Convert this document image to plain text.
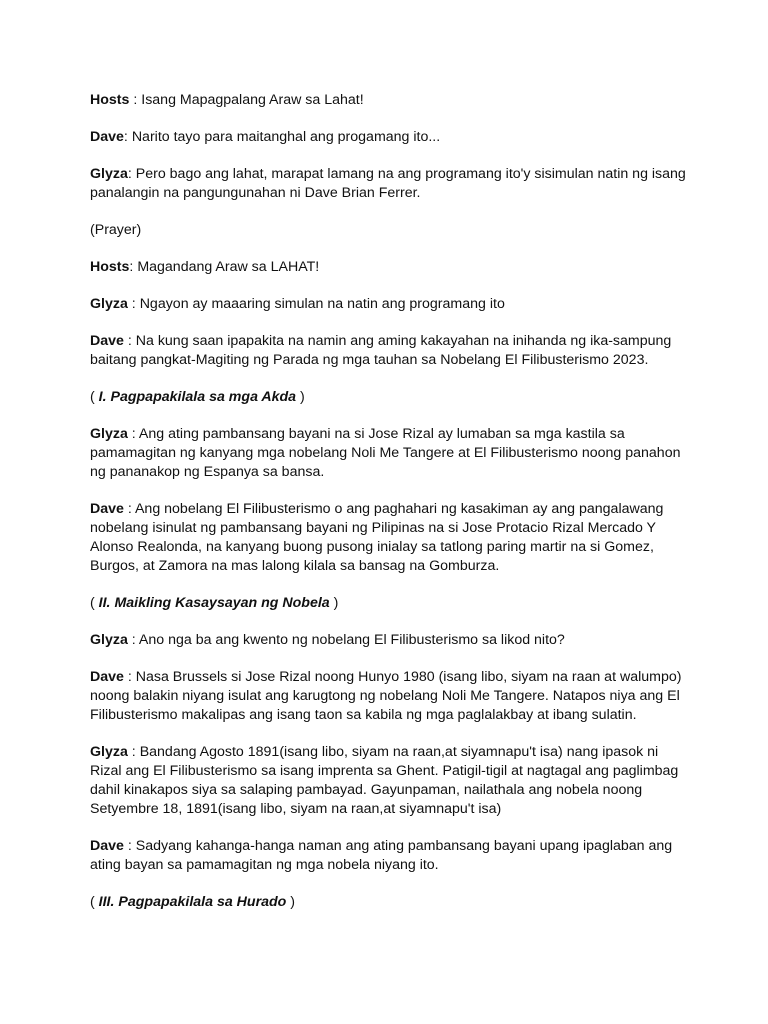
Hosts : Isang Mapagpalang Araw sa Lahat!

Dave: Narito tayo para maitanghal ang progamang ito...

Glyza: Pero bago ang lahat, marapat lamang na ang programang ito'y sisimulan natin ng isang panalangin na pangungunahan ni Dave Brian Ferrer.

(Prayer)

Hosts: Magandang Araw sa LAHAT!

Glyza : Ngayon ay maaaring simulan na natin ang programang ito

Dave : Na kung saan ipapakita na namin ang aming kakayahan na inihanda ng ika-sampung baitang pangkat-Magiting ng Parada ng mga tauhan sa Nobelang El Filibusterismo 2023.

( I. Pagpapakilala sa mga Akda )

Glyza : Ang ating pambansang bayani na si Jose Rizal ay lumaban sa mga kastila sa pamamagitan ng kanyang mga nobelang Noli Me Tangere at El Filibusterismo noong panahon ng pananakop ng Espanya sa bansa.

Dave : Ang nobelang El Filibusterismo o ang paghahari ng kasakiman ay ang pangalawang nobelang isinulat ng pambansang bayani ng Pilipinas na si Jose Protacio Rizal Mercado Y Alonso Realonda, na kanyang buong pusong inialay sa tatlong paring martir na si Gomez, Burgos, at Zamora na mas lalong kilala sa bansag na Gomburza.

( II. Maikling Kasaysayan ng Nobela )

Glyza : Ano nga ba ang kwento ng nobelang El Filibusterismo sa likod nito?

Dave : Nasa Brussels si Jose Rizal noong Hunyo 1980 (isang libo, siyam na raan at walumpo) noong balakin niyang isulat ang karugtong ng nobelang Noli Me Tangere. Natapos niya ang El Filibusterismo makalipas ang isang taon sa kabila ng mga paglalakbay at ibang sulatin.

Glyza : Bandang Agosto 1891(isang libo, siyam na raan,at siyamnapu't isa) nang ipasok ni Rizal ang El Filibusterismo sa isang imprenta sa Ghent. Patigil-tigil at nagtagal ang paglimbag dahil kinakapos siya sa salaping pambayad. Gayunpaman, nailathala ang nobela noong Setyembre 18, 1891(isang libo, siyam na raan,at siyamnapu't isa)

Dave : Sadyang kahanga-hanga naman ang ating pambansang bayani upang ipaglaban ang ating bayan sa pamamagitan ng mga nobela niyang ito.

( III. Pagpapakilala sa Hurado )
